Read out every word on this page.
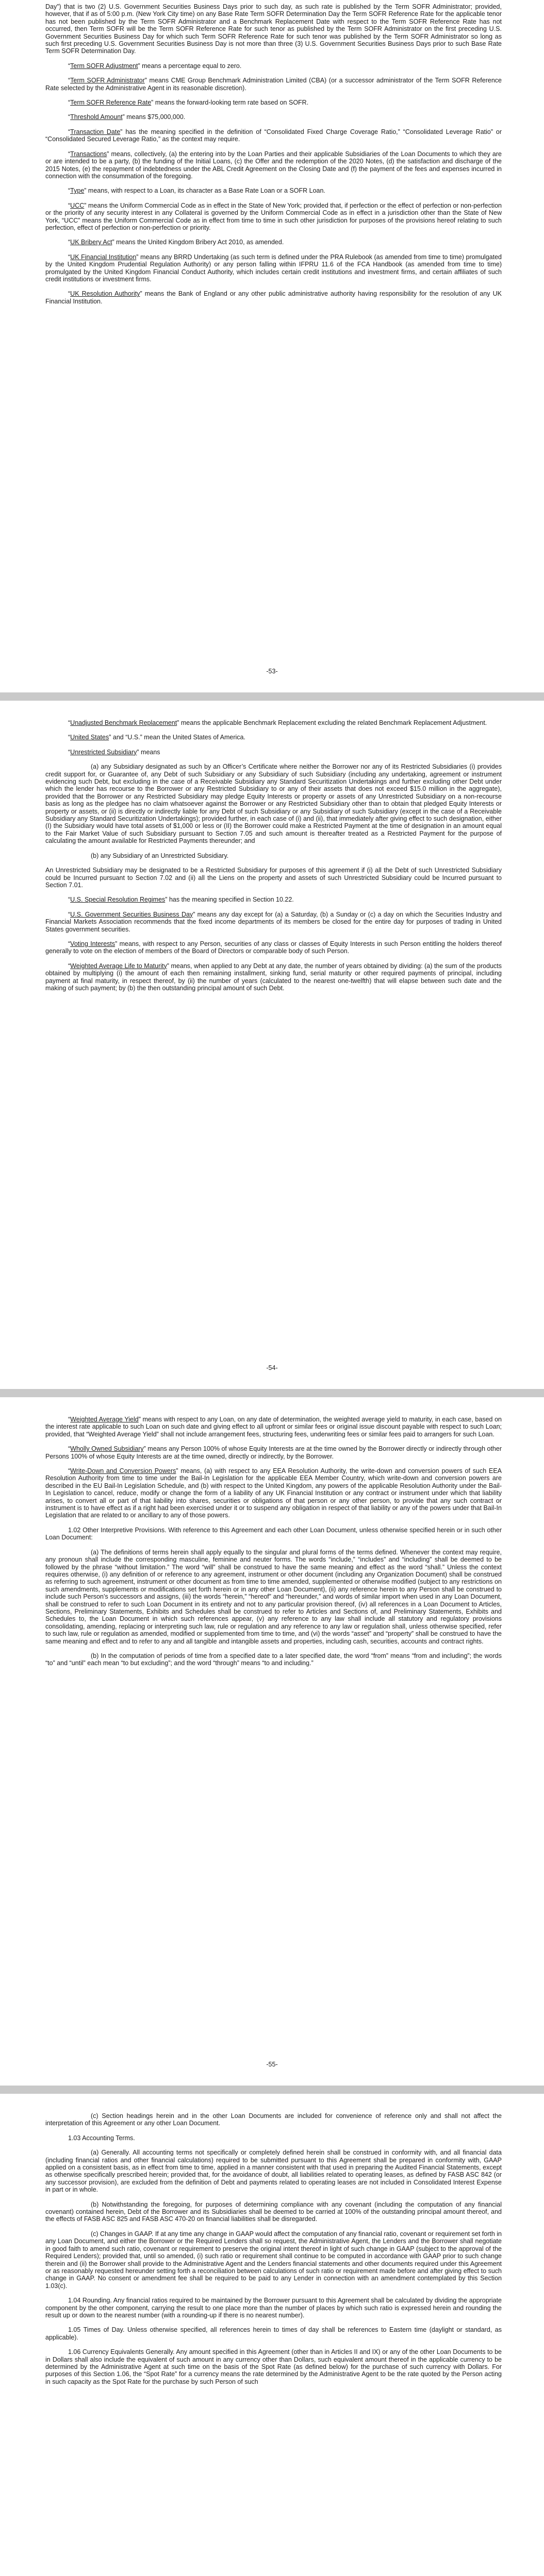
Day”) that is two (2) U.S. Government Securities Business Days prior to such day, as such rate is published by the Term SOFR Administrator; provided, however, that if as of 5:00 p.m. (New York City time) on any Base Rate Term SOFR Determination Day the Term SOFR Reference Rate for the applicable tenor has not been published by the Term SOFR Administrator and a Benchmark Replacement Date with respect to the Term SOFR Reference Rate has not occurred, then Term SOFR will be the Term SOFR Reference Rate for such tenor as published by the Term SOFR Administrator on the first preceding U.S. Government Securities Business Day for which such Term SOFR Reference Rate for such tenor was published by the Term SOFR Administrator so long as such first preceding U.S. Government Securities Business Day is not more than three (3) U.S. Government Securities Business Days prior to such Base Rate Term SOFR Determination Day.

“Term SOFR Adjustment” means a percentage equal to zero.

“Term SOFR Administrator” means CME Group Benchmark Administration Limited (CBA) (or a successor administrator of the Term SOFR Reference Rate selected by the Administrative Agent in its reasonable discretion).

“Term SOFR Reference Rate” means the forward-looking term rate based on SOFR.

“Threshold Amount” means $75,000,000.

“Transaction Date” has the meaning specified in the definition of “Consolidated Fixed Charge Coverage Ratio,” “Consolidated Leverage Ratio” or “Consolidated Secured Leverage Ratio,” as the context may require.

“Transactions” means, collectively, (a) the entering into by the Loan Parties and their applicable Subsidiaries of the Loan Documents to which they are or are intended to be a party, (b) the funding of the Initial Loans, (c) the Offer and the redemption of the 2020 Notes, (d) the satisfaction and discharge of the 2015 Notes, (e) the repayment of indebtedness under the ABL Credit Agreement on the Closing Date and (f) the payment of the fees and expenses incurred in connection with the consummation of the foregoing.

“Type” means, with respect to a Loan, its character as a Base Rate Loan or a SOFR Loan.

“UCC” means the Uniform Commercial Code as in effect in the State of New York; provided that, if perfection or the effect of perfection or non-perfection or the priority of any security interest in any Collateral is governed by the Uniform Commercial Code as in effect in a jurisdiction other than the State of New York, “UCC” means the Uniform Commercial Code as in effect from time to time in such other jurisdiction for purposes of the provisions hereof relating to such perfection, effect of perfection or non-perfection or priority.

“UK Bribery Act” means the United Kingdom Bribery Act 2010, as amended.

“UK Financial Institution” means any BRRD Undertaking (as such term is defined under the PRA Rulebook (as amended from time to time) promulgated by the United Kingdom Prudential Regulation Authority) or any person falling within IFPRU 11.6 of the FCA Handbook (as amended from time to time) promulgated by the United Kingdom Financial Conduct Authority, which includes certain credit institutions and investment firms, and certain affiliates of such credit institutions or investment firms.

“UK Resolution Authority” means the Bank of England or any other public administrative authority having responsibility for the resolution of any UK Financial Institution.

-53-

“Unadjusted Benchmark Replacement” means the applicable Benchmark Replacement excluding the related Benchmark Replacement Adjustment.

“United States” and “U.S.” mean the United States of America.

“Unrestricted Subsidiary” means

(a) any Subsidiary designated as such by an Officer’s Certificate where neither the Borrower nor any of its Restricted Subsidiaries (i) provides credit support for, or Guarantee of, any Debt of such Subsidiary or any Subsidiary of such Subsidiary (including any undertaking, agreement or instrument evidencing such Debt, but excluding in the case of a Receivable Subsidiary any Standard Securitization Undertakings and further excluding other Debt under which the lender has recourse to the Borrower or any Restricted Subsidiary to or any of their assets that does not exceed $15.0 million in the aggregate), provided that the Borrower or any Restricted Subsidiary may pledge Equity Interests or property or assets of any Unrestricted Subsidiary on a non-recourse basis as long as the pledgee has no claim whatsoever against the Borrower or any Restricted Subsidiary other than to obtain that pledged Equity Interests or property or assets, or (ii) is directly or indirectly liable for any Debt of such Subsidiary or any Subsidiary of such Subsidiary (except in the case of a Receivable Subsidiary any Standard Securitization Undertakings); provided further, in each case of (i) and (ii), that immediately after giving effect to such designation, either (I) the Subsidiary would have total assets of $1,000 or less or (II) the Borrower could make a Restricted Payment at the time of designation in an amount equal to the Fair Market Value of such Subsidiary pursuant to Section 7.05 and such amount is thereafter treated as a Restricted Payment for the purpose of calculating the amount available for Restricted Payments thereunder; and

(b) any Subsidiary of an Unrestricted Subsidiary.

An Unrestricted Subsidiary may be designated to be a Restricted Subsidiary for purposes of this agreement if (i) all the Debt of such Unrestricted Subsidiary could be Incurred pursuant to Section 7.02 and (ii) all the Liens on the property and assets of such Unrestricted Subsidiary could be Incurred pursuant to Section 7.01.

“U.S. Special Resolution Regimes” has the meaning specified in Section 10.22.

“U.S. Government Securities Business Day” means any day except for (a) a Saturday, (b) a Sunday or (c) a day on which the Securities Industry and Financial Markets Association recommends that the fixed income departments of its members be closed for the entire day for purposes of trading in United States government securities.

“Voting Interests” means, with respect to any Person, securities of any class or classes of Equity Interests in such Person entitling the holders thereof generally to vote on the election of members of the Board of Directors or comparable body of such Person.

“Weighted Average Life to Maturity” means, when applied to any Debt at any date, the number of years obtained by dividing: (a) the sum of the products obtained by multiplying (i) the amount of each then remaining installment, sinking fund, serial maturity or other required payments of principal, including payment at final maturity, in respect thereof, by (ii) the number of years (calculated to the nearest one-twelfth) that will elapse between such date and the making of such payment; by (b) the then outstanding principal amount of such Debt.

-54-

“Weighted Average Yield” means with respect to any Loan, on any date of determination, the weighted average yield to maturity, in each case, based on the interest rate applicable to such Loan on such date and giving effect to all upfront or similar fees or original issue discount payable with respect to such Loan; provided, that “Weighted Average Yield” shall not include arrangement fees, structuring fees, underwriting fees or similar fees paid to arrangers for such Loan.

“Wholly Owned Subsidiary” means any Person 100% of whose Equity Interests are at the time owned by the Borrower directly or indirectly through other Persons 100% of whose Equity Interests are at the time owned, directly or indirectly, by the Borrower.

“Write-Down and Conversion Powers” means, (a) with respect to any EEA Resolution Authority, the write-down and conversion powers of such EEA Resolution Authority from time to time under the Bail-In Legislation for the applicable EEA Member Country, which write-down and conversion powers are described in the EU Bail-In Legislation Schedule, and (b) with respect to the United Kingdom, any powers of the applicable Resolution Authority under the Bail-In Legislation to cancel, reduce, modify or change the form of a liability of any UK Financial Institution or any contract or instrument under which that liability arises, to convert all or part of that liability into shares, securities or obligations of that person or any other person, to provide that any such contract or instrument is to have effect as if a right had been exercised under it or to suspend any obligation in respect of that liability or any of the powers under that Bail-In Legislation that are related to or ancillary to any of those powers.

1.02 Other Interpretive Provisions. With reference to this Agreement and each other Loan Document, unless otherwise specified herein or in such other Loan Document:

(a) The definitions of terms herein shall apply equally to the singular and plural forms of the terms defined. Whenever the context may require, any pronoun shall include the corresponding masculine, feminine and neuter forms. The words “include,” “includes” and “including” shall be deemed to be followed by the phrase “without limitation.” The word “will” shall be construed to have the same meaning and effect as the word “shall.” Unless the context requires otherwise, (i) any definition of or reference to any agreement, instrument or other document (including any Organization Document) shall be construed as referring to such agreement, instrument or other document as from time to time amended, supplemented or otherwise modified (subject to any restrictions on such amendments, supplements or modifications set forth herein or in any other Loan Document), (ii) any reference herein to any Person shall be construed to include such Person’s successors and assigns, (iii) the words “herein,” “hereof” and “hereunder,” and words of similar import when used in any Loan Document, shall be construed to refer to such Loan Document in its entirety and not to any particular provision thereof, (iv) all references in a Loan Document to Articles, Sections, Preliminary Statements, Exhibits and Schedules shall be construed to refer to Articles and Sections of, and Preliminary Statements, Exhibits and Schedules to, the Loan Document in which such references appear, (v) any reference to any law shall include all statutory and regulatory provisions consolidating, amending, replacing or interpreting such law, rule or regulation and any reference to any law or regulation shall, unless otherwise specified, refer to such law, rule or regulation as amended, modified or supplemented from time to time, and (vi) the words “asset” and “property” shall be construed to have the same meaning and effect and to refer to any and all tangible and intangible assets and properties, including cash, securities, accounts and contract rights.

(b) In the computation of periods of time from a specified date to a later specified date, the word “from” means “from and including”; the words “to” and “until” each mean “to but excluding”; and the word “through” means “to and including.”

-55-

(c) Section headings herein and in the other Loan Documents are included for convenience of reference only and shall not affect the interpretation of this Agreement or any other Loan Document.

1.03 Accounting Terms.

(a) Generally. All accounting terms not specifically or completely defined herein shall be construed in conformity with, and all financial data (including financial ratios and other financial calculations) required to be submitted pursuant to this Agreement shall be prepared in conformity with, GAAP applied on a consistent basis, as in effect from time to time, applied in a manner consistent with that used in preparing the Audited Financial Statements, except as otherwise specifically prescribed herein; provided that, for the avoidance of doubt, all liabilities related to operating leases, as defined by FASB ASC 842 (or any successor provision), are excluded from the definition of Debt and payments related to operating leases are not included in Consolidated Interest Expense in part or in whole.

(b) Notwithstanding the foregoing, for purposes of determining compliance with any covenant (including the computation of any financial covenant) contained herein, Debt of the Borrower and its Subsidiaries shall be deemed to be carried at 100% of the outstanding principal amount thereof, and the effects of FASB ASC 825 and FASB ASC 470-20 on financial liabilities shall be disregarded.

(c) Changes in GAAP. If at any time any change in GAAP would affect the computation of any financial ratio, covenant or requirement set forth in any Loan Document, and either the Borrower or the Required Lenders shall so request, the Administrative Agent, the Lenders and the Borrower shall negotiate in good faith to amend such ratio, covenant or requirement to preserve the original intent thereof in light of such change in GAAP (subject to the approval of the Required Lenders); provided that, until so amended, (i) such ratio or requirement shall continue to be computed in accordance with GAAP prior to such change therein and (ii) the Borrower shall provide to the Administrative Agent and the Lenders financial statements and other documents required under this Agreement or as reasonably requested hereunder setting forth a reconciliation between calculations of such ratio or requirement made before and after giving effect to such change in GAAP. No consent or amendment fee shall be required to be paid to any Lender in connection with an amendment contemplated by this Section 1.03(c).

1.04 Rounding. Any financial ratios required to be maintained by the Borrower pursuant to this Agreement shall be calculated by dividing the appropriate component by the other component, carrying the result to one place more than the number of places by which such ratio is expressed herein and rounding the result up or down to the nearest number (with a rounding-up if there is no nearest number).

1.05 Times of Day. Unless otherwise specified, all references herein to times of day shall be references to Eastern time (daylight or standard, as applicable).

1.06 Currency Equivalents Generally. Any amount specified in this Agreement (other than in Articles II and IX) or any of the other Loan Documents to be in Dollars shall also include the equivalent of such amount in any currency other than Dollars, such equivalent amount thereof in the applicable currency to be determined by the Administrative Agent at such time on the basis of the Spot Rate (as defined below) for the purchase of such currency with Dollars. For purposes of this Section 1.06, the “Spot Rate” for a currency means the rate determined by the Administrative Agent to be the rate quoted by the Person acting in such capacity as the Spot Rate for the purchase by such Person of such
